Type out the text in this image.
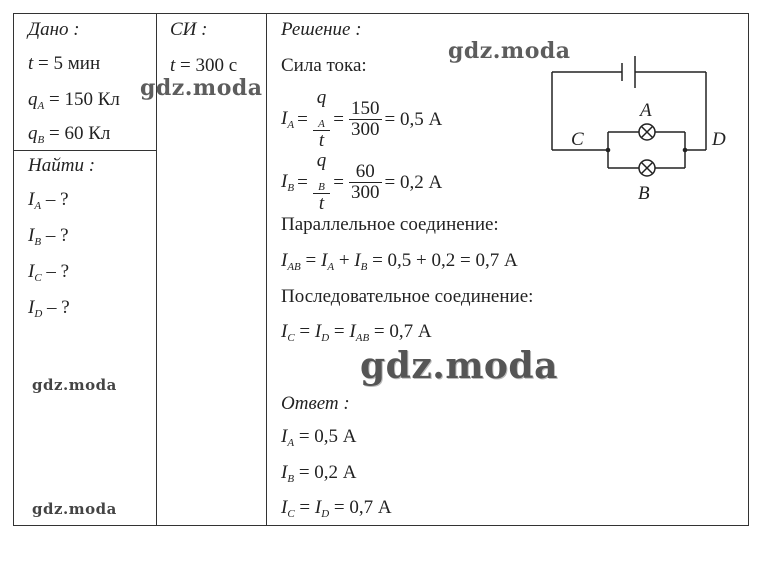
Дано :
t = 5 мин
$q_A = 150$ Кл
$q_B = 60$ Кл
Найти :
$I_A$ – ?
$I_B$ – ?
$I_C$ – ?
$I_D$ – ?
СИ :
t = 300 с
Решение :
Сила тока:
$I_A = q$
$_A$
$t = \frac{150}{300} = 0,5$ А
$I_B = q$
$_B$
$t = \frac{60}{300} = 0,2$ А
Параллельное соединение:
$I_{AB} = I_A + I_B = 0,5 + 0,2 = 0,7$ А
Последовательное соединение:
$I_C = I_D = I_{AB} = 0,7$ А
Ответ :
$I_A = 0,5$ А
$I_B = 0,2$ А
$I_C = I_D = 0,7$ А
A
B
C	D
gdz.moda
gdz.moda
gdz.moda
gdz.moda
gdz.moda
